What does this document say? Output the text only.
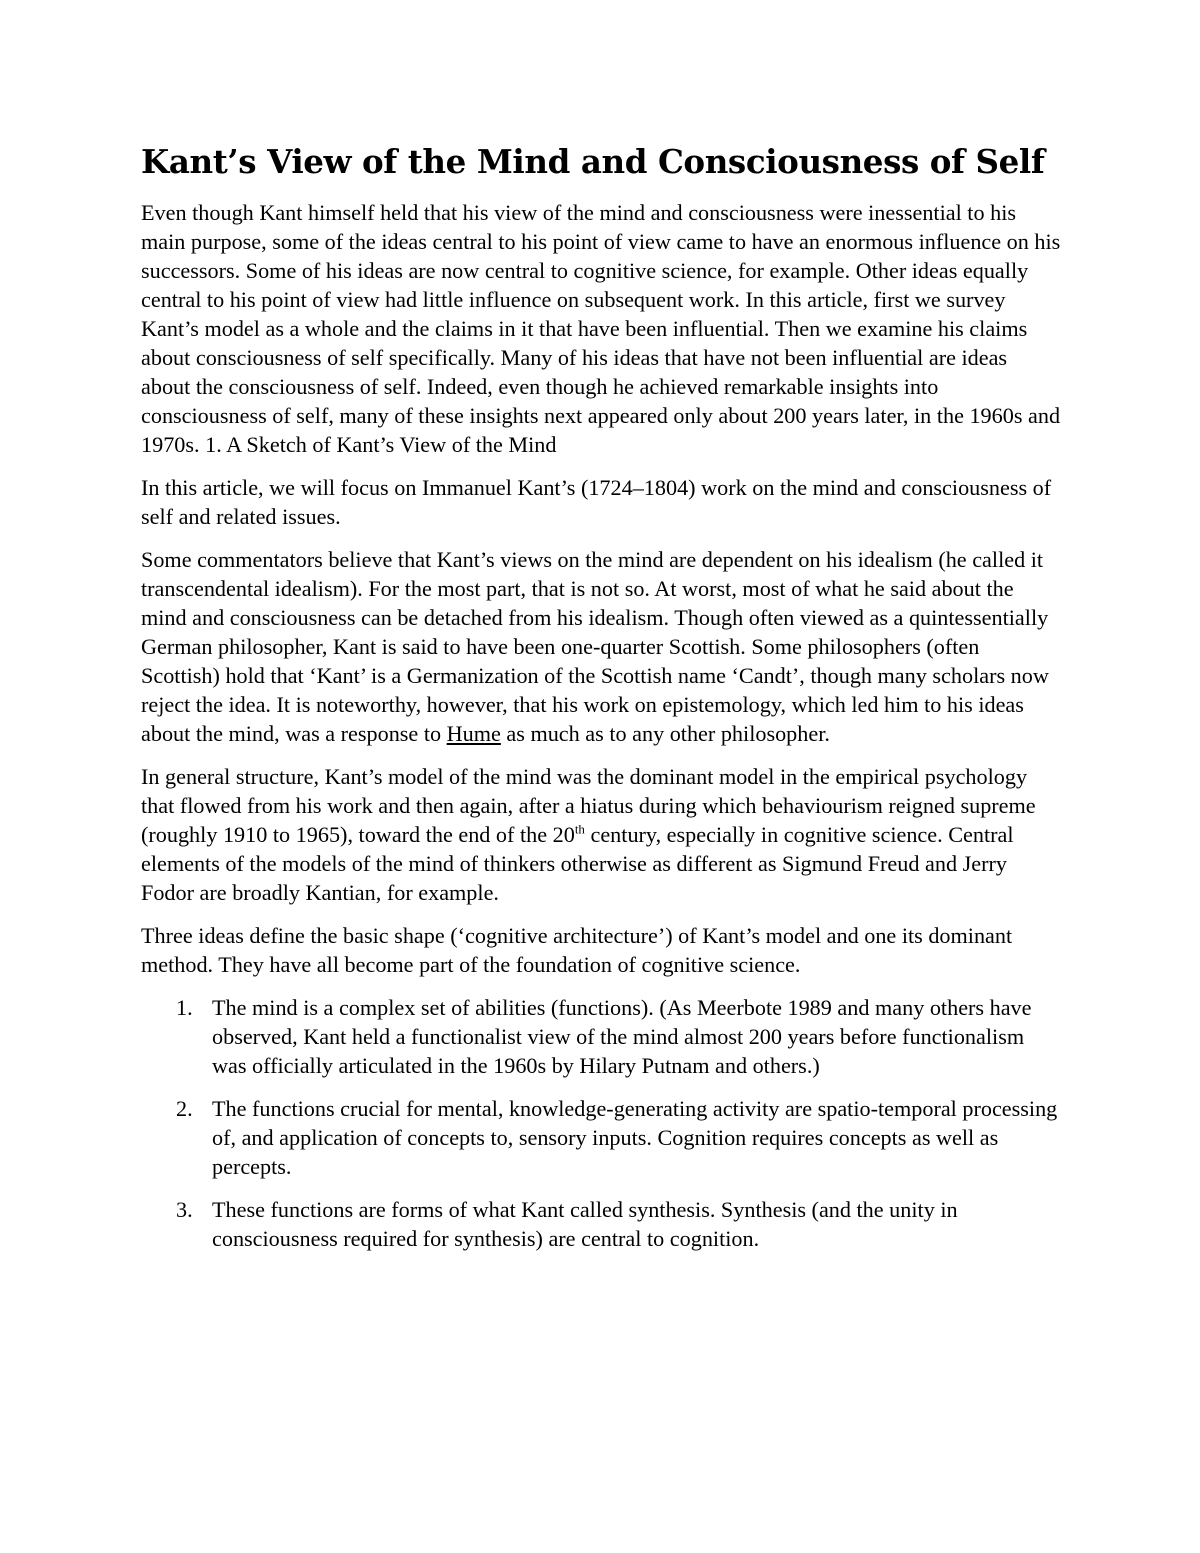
Kant’s View of the Mind and Consciousness of Self

Even though Kant himself held that his view of the mind and consciousness were inessential to his main purpose, some of the ideas central to his point of view came to have an enormous influence on his successors. Some of his ideas are now central to cognitive science, for example. Other ideas equally central to his point of view had little influence on subsequent work. In this article, first we survey Kant’s model as a whole and the claims in it that have been influential. Then we examine his claims about consciousness of self specifically. Many of his ideas that have not been influential are ideas about the consciousness of self. Indeed, even though he achieved remarkable insights into consciousness of self, many of these insights next appeared only about 200 years later, in the 1960s and 1970s. 1. A Sketch of Kant’s View of the Mind

In this article, we will focus on Immanuel Kant’s (1724–1804) work on the mind and consciousness of self and related issues.

Some commentators believe that Kant’s views on the mind are dependent on his idealism (he called it transcendental idealism). For the most part, that is not so. At worst, most of what he said about the mind and consciousness can be detached from his idealism. Though often viewed as a quintessentially German philosopher, Kant is said to have been one-quarter Scottish. Some philosophers (often Scottish) hold that ‘Kant’ is a Germanization of the Scottish name ‘Candt’, though many scholars now reject the idea. It is noteworthy, however, that his work on epistemology, which led him to his ideas about the mind, was a response to Hume as much as to any other philosopher.

In general structure, Kant’s model of the mind was the dominant model in the empirical psychology that flowed from his work and then again, after a hiatus during which behaviourism reigned supreme (roughly 1910 to 1965), toward the end of the 20th century, especially in cognitive science. Central elements of the models of the mind of thinkers otherwise as different as Sigmund Freud and Jerry Fodor are broadly Kantian, for example.

Three ideas define the basic shape (‘cognitive architecture’) of Kant’s model and one its dominant method. They have all become part of the foundation of cognitive science.

1. The mind is a complex set of abilities (functions). (As Meerbote 1989 and many others have observed, Kant held a functionalist view of the mind almost 200 years before functionalism was officially articulated in the 1960s by Hilary Putnam and others.)
2. The functions crucial for mental, knowledge-generating activity are spatio-temporal processing of, and application of concepts to, sensory inputs. Cognition requires concepts as well as percepts.
3. These functions are forms of what Kant called synthesis. Synthesis (and the unity in consciousness required for synthesis) are central to cognition.
